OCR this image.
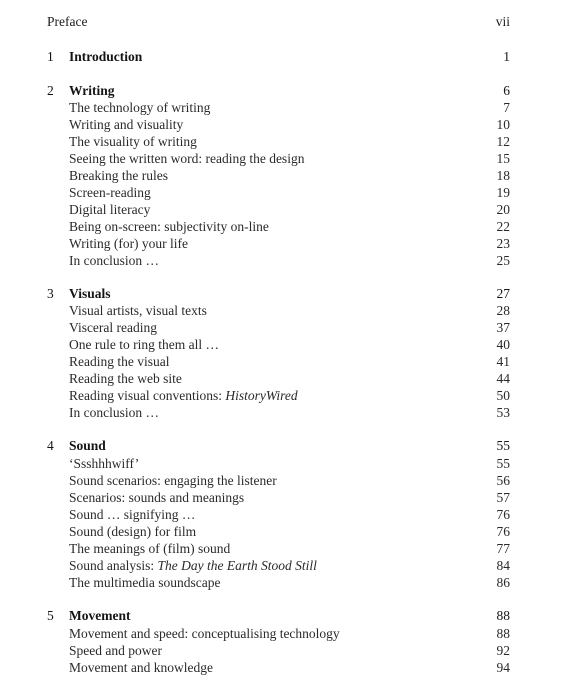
Preface	vii
1 Introduction	1
2 Writing	6
The technology of writing	7
Writing and visuality	10
The visuality of writing	12
Seeing the written word: reading the design	15
Breaking the rules	18
Screen-reading	19
Digital literacy	20
Being on-screen: subjectivity on-line	22
Writing (for) your life	23
In conclusion …	25
3 Visuals	27
Visual artists, visual texts	28
Visceral reading	37
One rule to ring them all …	40
Reading the visual	41
Reading the web site	44
Reading visual conventions: HistoryWired	50
In conclusion …	53
4 Sound	55
‘Ssshhhwiff’	55
Sound scenarios: engaging the listener	56
Scenarios: sounds and meanings	57
Sound … signifying …	76
Sound (design) for film	76
The meanings of (film) sound	77
Sound analysis: The Day the Earth Stood Still	84
The multimedia soundscape	86
5 Movement	88
Movement and speed: conceptualising technology	88
Speed and power	92
Movement and knowledge	94
